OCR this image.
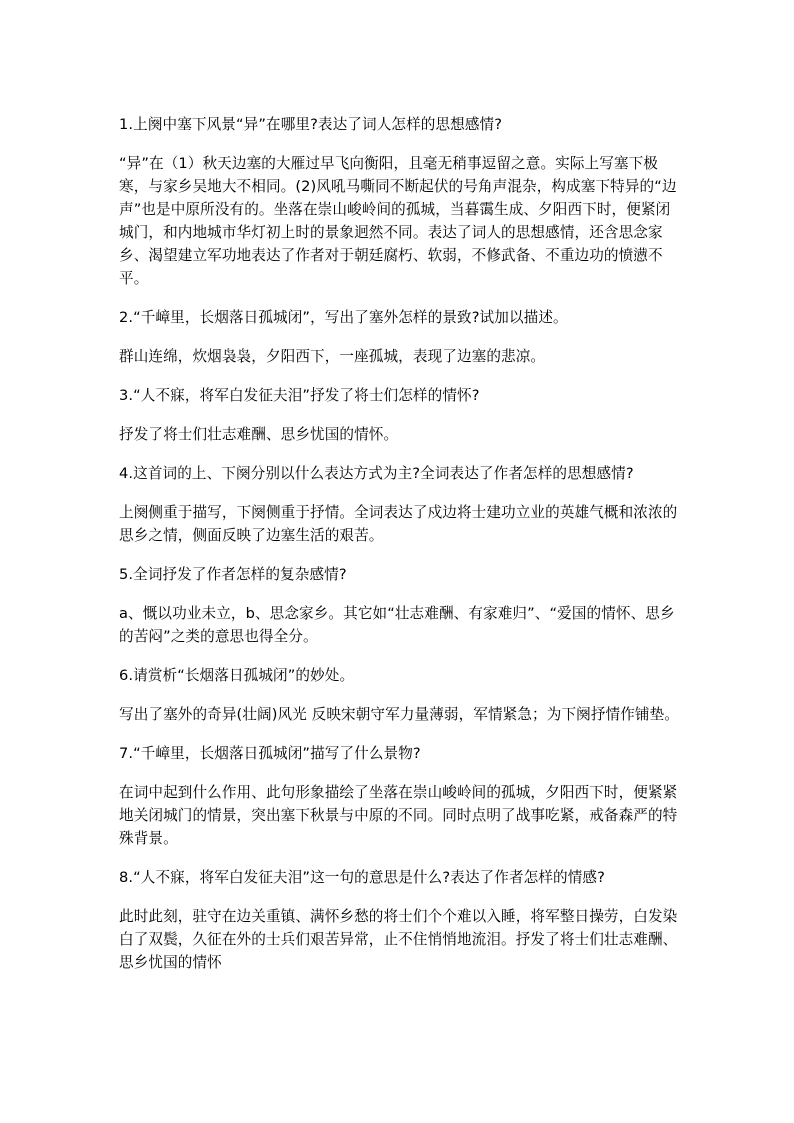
1.上阕中塞下风景“异”在哪里?表达了词人怎样的思想感情?

“异”在（1）秋天边塞的大雁过早飞向衡阳，且毫无稍事逗留之意。实际上写塞下极寒，与家乡吴地大不相同。(2)风吼马嘶同不断起伏的号角声混杂，构成塞下特异的“边声”也是中原所没有的。坐落在崇山峻岭间的孤城，当暮霭生成、夕阳西下时，便紧闭城门，和内地城市华灯初上时的景象迥然不同。表达了词人的思想感情，还含思念家乡、渴望建立军功地表达了作者对于朝廷腐朽、软弱，不修武备、不重边功的愤懑不平。

2.“千嶂里，长烟落日孤城闭”，写出了塞外怎样的景致?试加以描述。

群山连绵，炊烟袅袅，夕阳西下，一座孤城，表现了边塞的悲凉。

3.“人不寐，将军白发征夫泪”抒发了将士们怎样的情怀?

抒发了将士们壮志难酬、思乡忧国的情怀。

4.这首词的上、下阕分别以什么表达方式为主?全词表达了作者怎样的思想感情?

上阕侧重于描写，下阕侧重于抒情。全词表达了戍边将士建功立业的英雄气概和浓浓的思乡之情，侧面反映了边塞生活的艰苦。

5.全词抒发了作者怎样的复杂感情?

a、慨以功业未立，b、思念家乡。其它如“壮志难酬、有家难归”、“爱国的情怀、思乡的苦闷”之类的意思也得全分。

6.请赏析“长烟落日孤城闭”的妙处。

写出了塞外的奇异(壮阔)风光 反映宋朝守军力量薄弱，军情紧急；为下阕抒情作铺垫。

7.“千嶂里，长烟落日孤城闭”描写了什么景物?

在词中起到什么作用、此句形象描绘了坐落在崇山峻岭间的孤城，夕阳西下时，便紧紧地关闭城门的情景，突出塞下秋景与中原的不同。同时点明了战事吃紧，戒备森严的特殊背景。

8.“人不寐，将军白发征夫泪”这一句的意思是什么?表达了作者怎样的情感?

此时此刻，驻守在边关重镇、满怀乡愁的将士们个个难以入睡，将军整日操劳，白发染白了双鬓，久征在外的士兵们艰苦异常，止不住悄悄地流泪。抒发了将士们壮志难酬、思乡忧国的情怀
